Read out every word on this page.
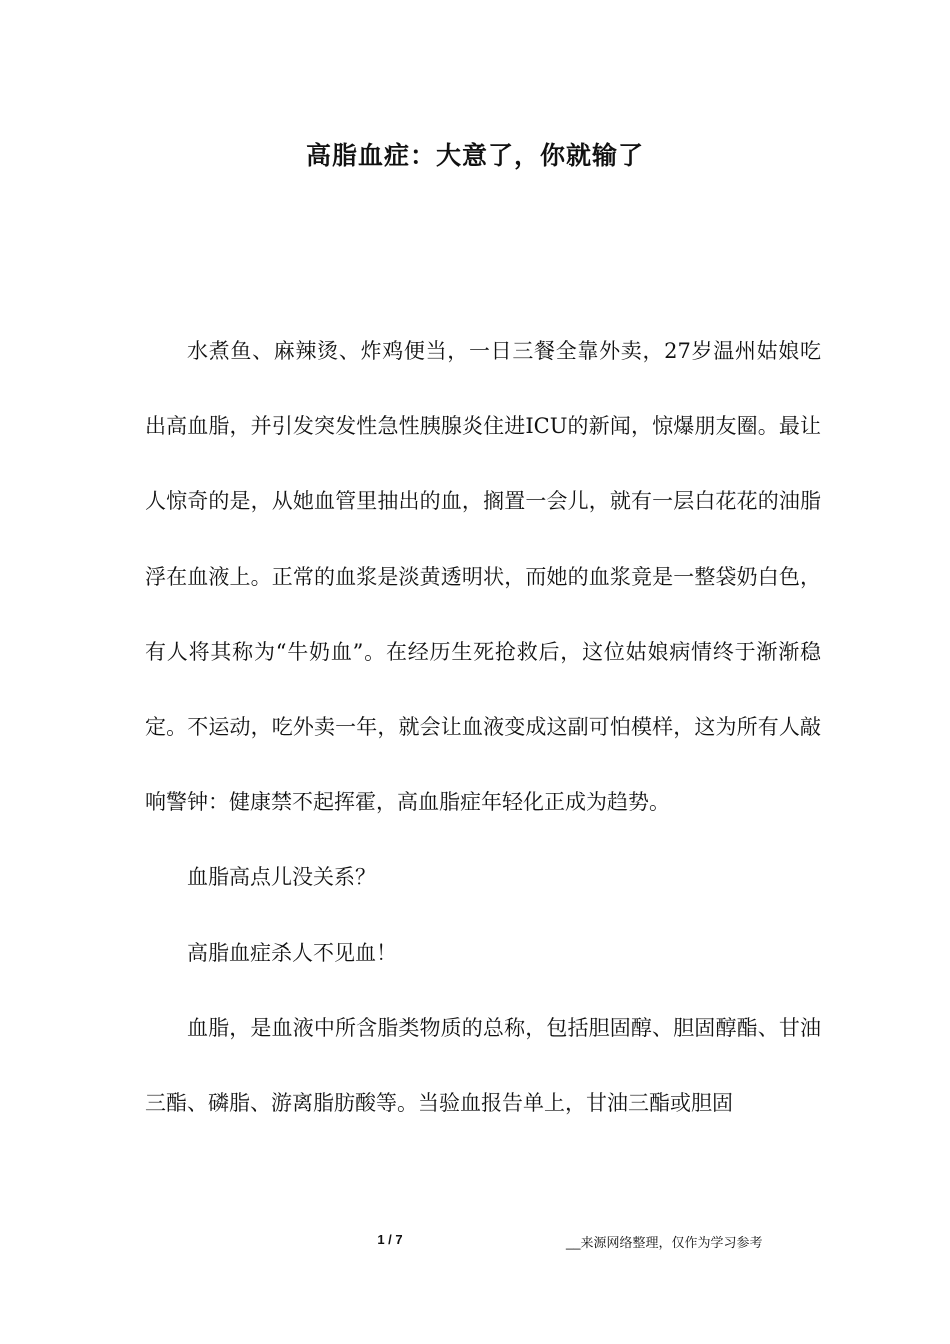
高脂血症：大意了，你就输了

水煮鱼、麻辣烫、炸鸡便当，一日三餐全靠外卖，27岁温州姑娘吃出高血脂，并引发突发性急性胰腺炎住进ICU的新闻，惊爆朋友圈。最让人惊奇的是，从她血管里抽出的血，搁置一会儿，就有一层白花花的油脂浮在血液上。正常的血浆是淡黄透明状，而她的血浆竟是一整袋奶白色，有人将其称为“牛奶血”。在经历生死抢救后，这位姑娘病情终于渐渐稳定。不运动，吃外卖一年，就会让血液变成这副可怕模样，这为所有人敲响警钟：健康禁不起挥霍，高血脂症年轻化正成为趋势。

血脂高点儿没关系？

高脂血症杀人不见血！

血脂，是血液中所含脂类物质的总称，包括胆固醇、胆固醇酯、甘油三酯、磷脂、游离脂肪酸等。当验血报告单上，甘油三酯或胆固

1 / 7	__来源网络整理，仅作为学习参考
